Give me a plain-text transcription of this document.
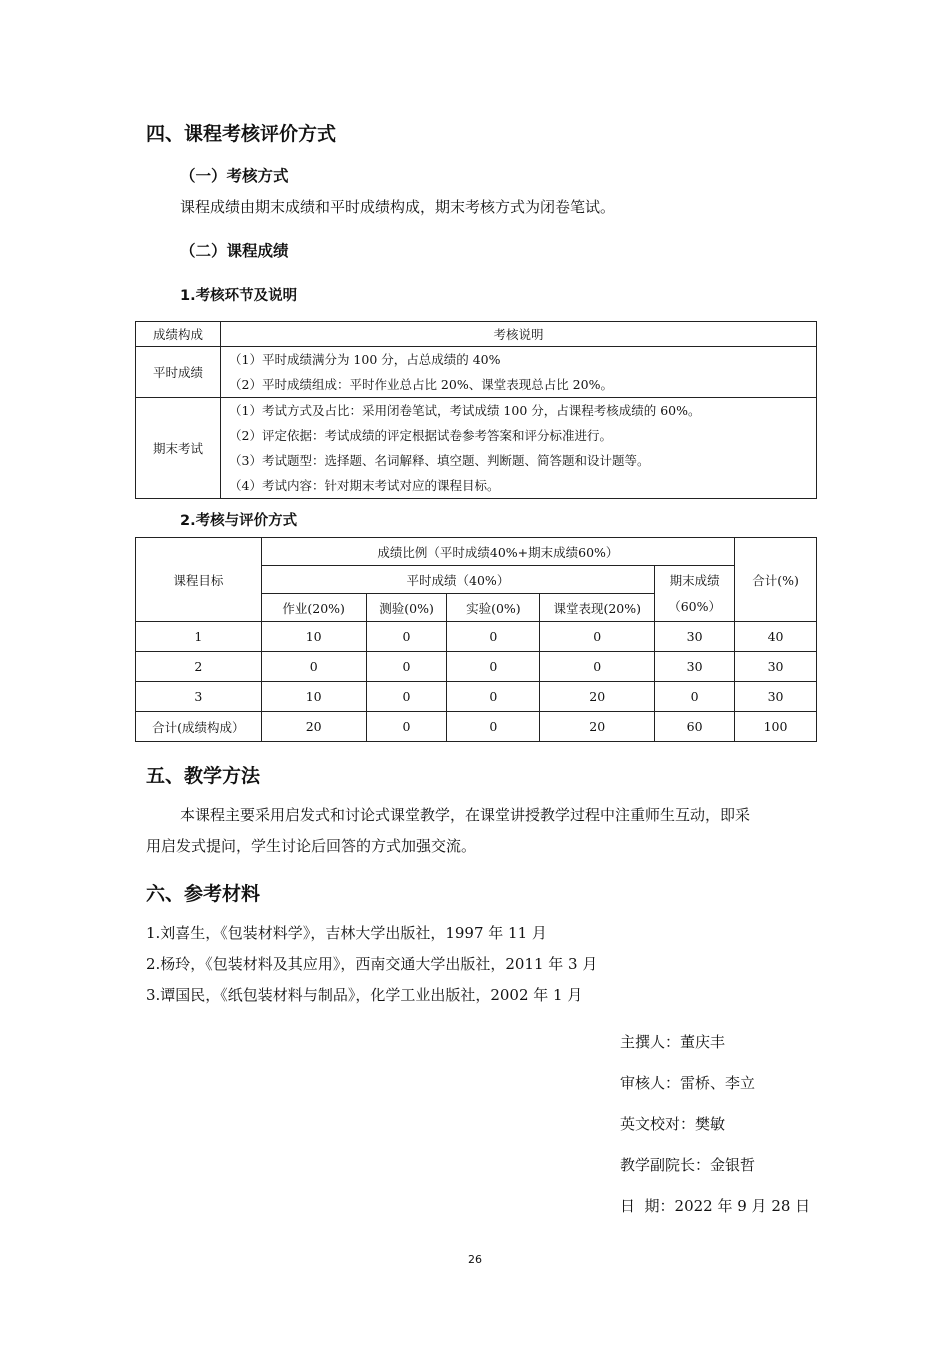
四、课程考核评价方式
（一）考核方式
课程成绩由期末成绩和平时成绩构成，期末考核方式为闭卷笔试。
（二）课程成绩
1.考核环节及说明
成绩构成	考核说明
平时成绩	（1）平时成绩满分为 100 分，占总成绩的 40%
（2）平时成绩组成：平时作业总占比 20%、课堂表现总占比 20%。

期末考试	（1）考试方式及占比：采用闭卷笔试，考试成绩 100 分，占课程考核成绩的 60%。
（2）评定依据：考试成绩的评定根据试卷参考答案和评分标准进行。
（3）考试题型：选择题、名词解释、填空题、判断题、简答题和设计题等。
（4）考试内容：针对期末考试对应的课程目标。
2.考核与评价方式
课程目标	成绩比例（平时成绩40%+期末成绩60%）					合计(%)
	平时成绩（40%）				期末成绩
（60%）	

	作业(20%)	测验(0%)	实验(0%)	课堂表现(20%)		
1	10	0	0	0	30	40
2	0	0	0	0	30	30
3	10	0	0	20	0	30
合计(成绩构成）	20	0	0	20	60	100
五、教学方法
本课程主要采用启发式和讨论式课堂教学，在课堂讲授教学过程中注重师生互动，即采
用启发式提问，学生讨论后回答的方式加强交流。
六、参考材料
1.刘喜生，《包装材料学》，吉林大学出版社，1997 年 11 月
2.杨玲，《包装材料及其应用》，西南交通大学出版社，2011 年 3 月
3.谭国民，《纸包装材料与制品》，化学工业出版社，2002 年 1 月
主撰人：董庆丰
审核人：雷桥、李立
英文校对：樊敏
教学副院长：金银哲
日  期：2022 年 9 月 28 日
26
